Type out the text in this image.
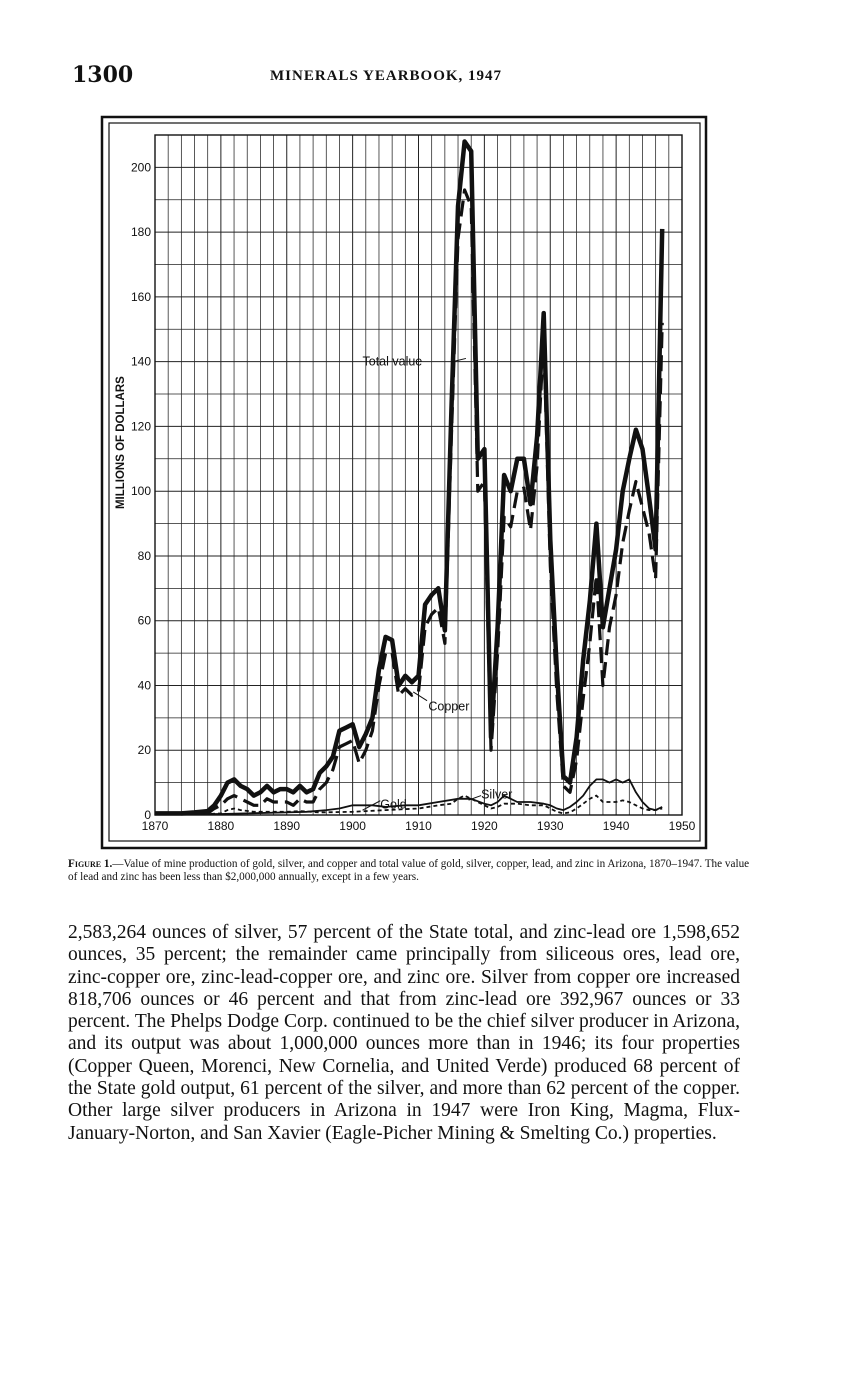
1300	MINERALS YEARBOOK, 1947
0
20
40
60
80
100
120
140
160
180
200
1870	1880	1890	1900	1910	1920	1930	1940	1950
MILLIONS OF DOLLARS
Total value
Copper
Gold
Silver
Figure 1.—Value of mine production of gold, silver, and copper and total value of gold, silver, copper, lead, and zinc in Arizona, 1870–1947. The value of lead and zinc has been less than $2,000,000 annually, except in a few years.

2,583,264 ounces of silver, 57 percent of the State total, and zinc-lead ore 1,598,652 ounces, 35 percent; the remainder came principally from siliceous ores, lead ore, zinc-copper ore, zinc-lead-copper ore, and zinc ore. Silver from copper ore increased 818,706 ounces or 46 percent and that from zinc-lead ore 392,967 ounces or 33 percent. The Phelps Dodge Corp. continued to be the chief silver producer in Arizona, and its output was about 1,000,000 ounces more than in 1946; its four properties (Copper Queen, Morenci, New Cornelia, and United Verde) produced 68 percent of the State gold output, 61 percent of the silver, and more than 62 percent of the copper. Other large silver producers in Arizona in 1947 were Iron King, Magma, Flux-January-Norton, and San Xavier (Eagle-Picher Mining & Smelting Co.) properties.
